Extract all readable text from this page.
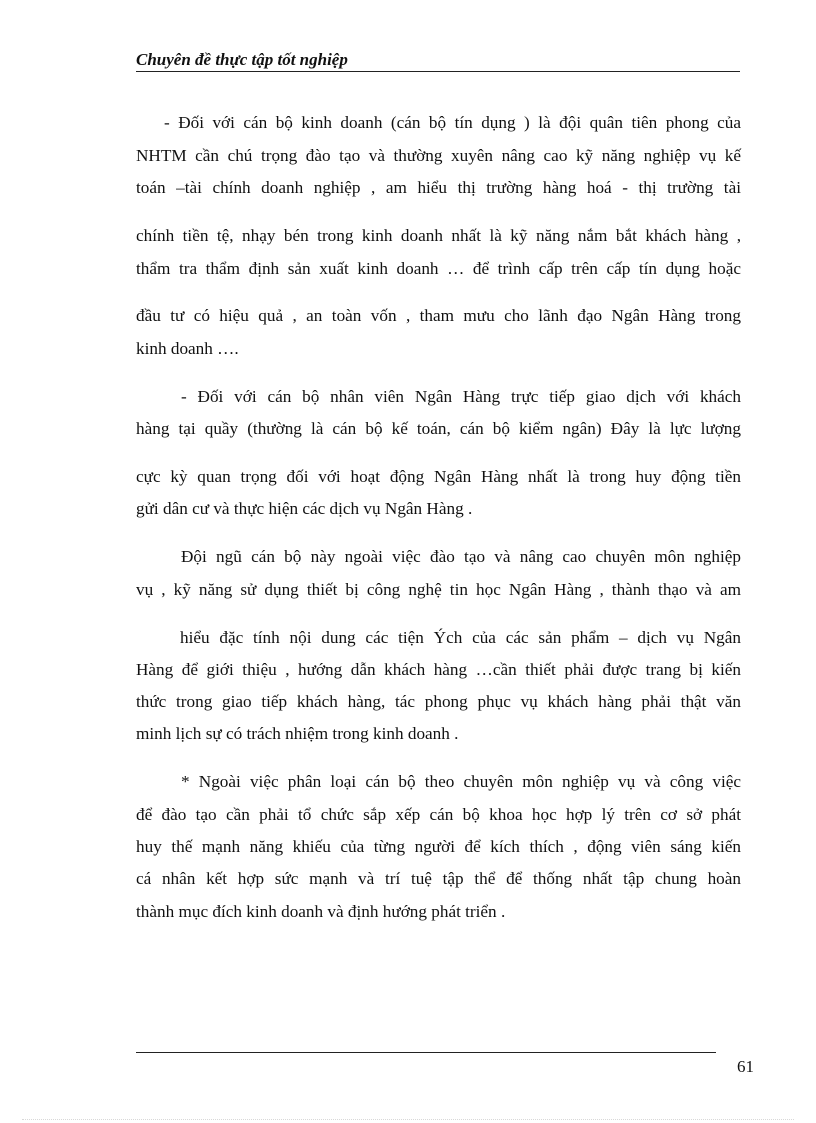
Chuyên đề thực tập tốt nghiệp
- Đối với cán bộ kinh doanh (cán bộ tín dụng ) là đội quân tiên phong của
NHTM cần chú trọng đào tạo và thường xuyên nâng cao kỹ năng nghiệp vụ kế
toán –tài chính doanh nghiệp , am hiểu thị trường hàng hoá - thị trường tài
chính tiền tệ, nhạy bén trong kinh doanh nhất là kỹ năng nắm bắt khách hàng ,
thẩm tra thẩm định sản xuất kinh doanh … để trình cấp trên cấp tín dụng hoặc
đầu tư có hiệu quả , an toàn vốn , tham mưu cho lãnh đạo Ngân Hàng trong
kinh doanh ….
- Đối với cán bộ nhân viên Ngân Hàng trực tiếp giao dịch với khách
hàng tại quầy (thường là cán bộ kế toán, cán bộ kiểm ngân) Đây là lực lượng
cực kỳ quan trọng đối với hoạt động Ngân Hàng nhất là trong huy động tiền
gửi dân cư và thực hiện các dịch vụ Ngân Hàng .
Đội ngũ cán bộ này ngoài việc đào tạo và nâng cao chuyên môn nghiệp
vụ , kỹ năng sử dụng thiết bị công nghệ tin học Ngân Hàng , thành thạo và am
hiểu đặc tính nội dung các tiện Ých của các sản phẩm – dịch vụ Ngân
Hàng để giới thiệu , hướng dẫn khách hàng …cần thiết phải được trang bị kiến
thức trong giao tiếp khách hàng, tác phong phục vụ khách hàng phải thật văn
minh lịch sự có trách nhiệm trong kinh doanh .
* Ngoài việc phân loại cán bộ theo chuyên môn nghiệp vụ và công việc
để đào tạo cần phải tổ chức sắp xếp cán bộ khoa học hợp lý trên cơ sở phát
huy thế mạnh năng khiếu của từng người để kích thích , động viên sáng kiến
cá nhân kết hợp sức mạnh và trí tuệ tập thể để thống nhất tập chung hoàn
thành mục đích kinh doanh và định hướng phát triển .
61
